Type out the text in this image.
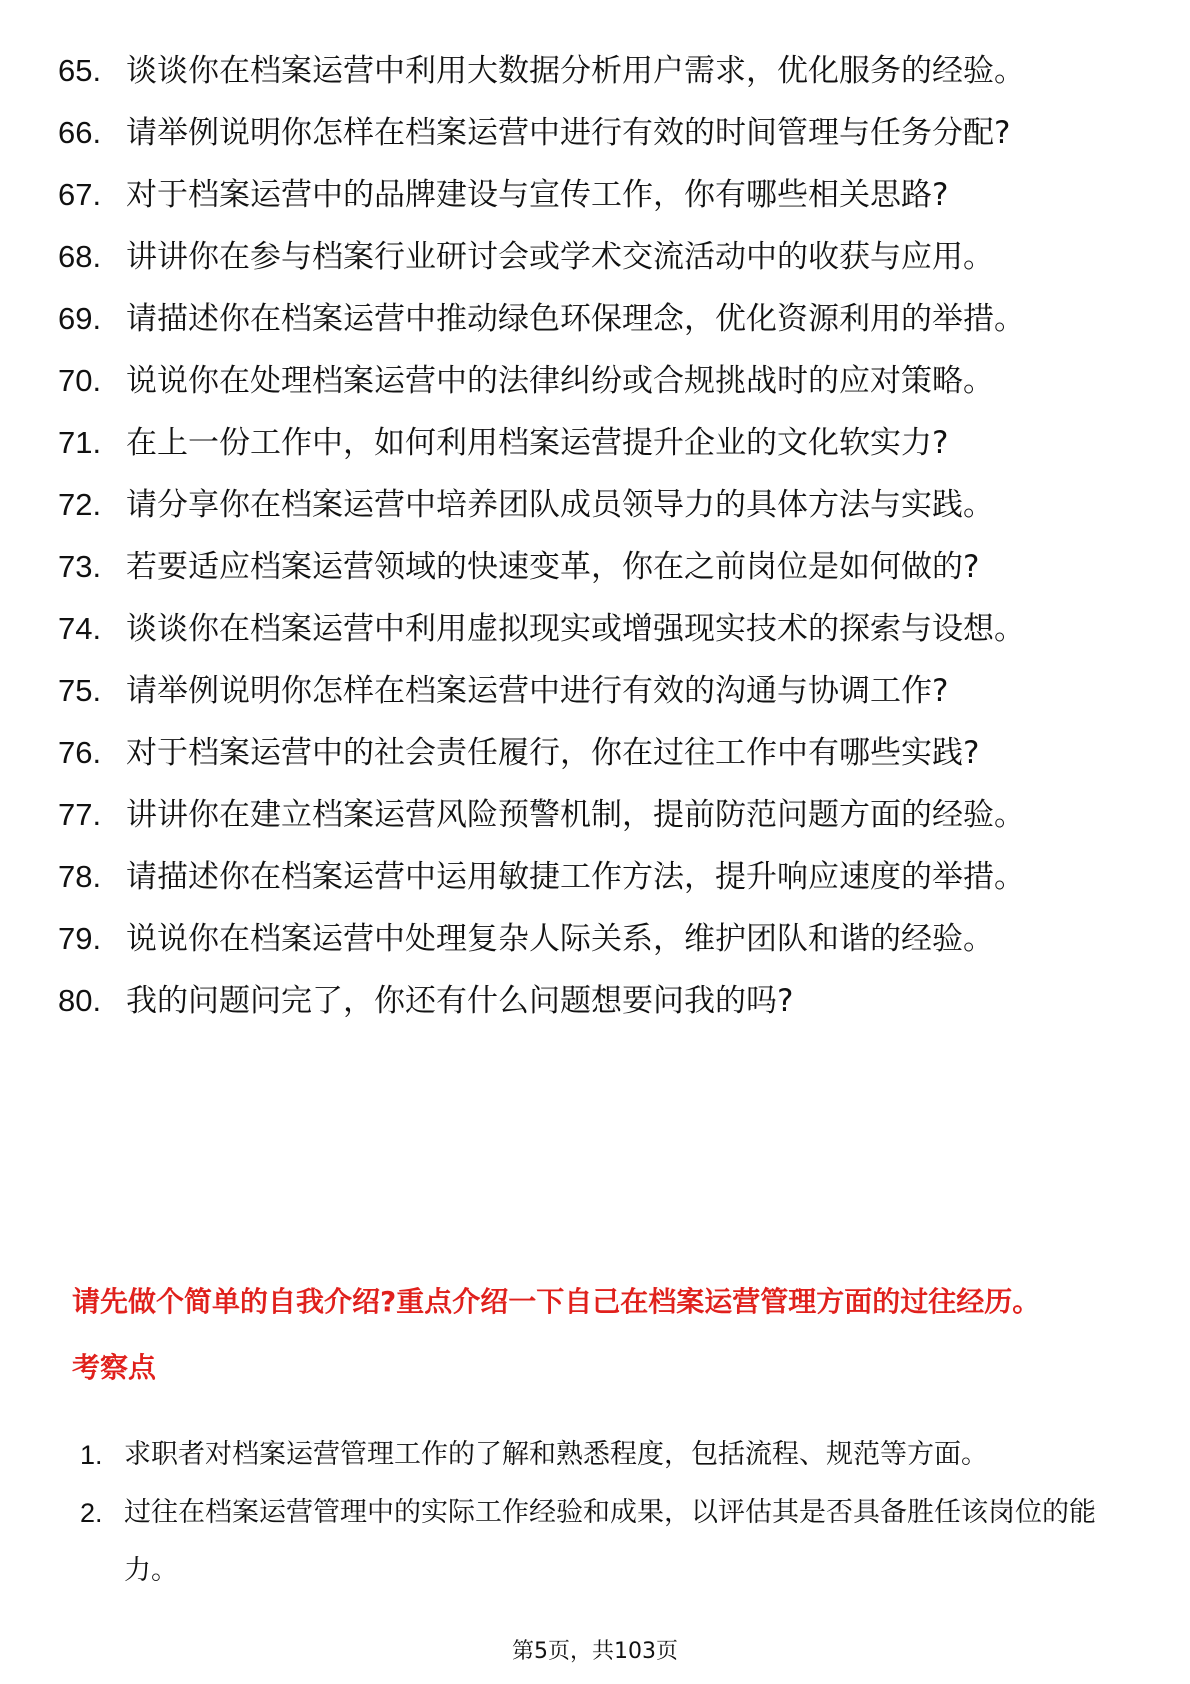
65. 谈谈你在档案运营中利用大数据分析用户需求，优化服务的经验。
66. 请举例说明你怎样在档案运营中进行有效的时间管理与任务分配?
67. 对于档案运营中的品牌建设与宣传工作，你有哪些相关思路?
68. 讲讲你在参与档案行业研讨会或学术交流活动中的收获与应用。
69. 请描述你在档案运营中推动绿色环保理念，优化资源利用的举措。
70. 说说你在处理档案运营中的法律纠纷或合规挑战时的应对策略。
71. 在上一份工作中，如何利用档案运营提升企业的文化软实力?
72. 请分享你在档案运营中培养团队成员领导力的具体方法与实践。
73. 若要适应档案运营领域的快速变革，你在之前岗位是如何做的?
74. 谈谈你在档案运营中利用虚拟现实或增强现实技术的探索与设想。
75. 请举例说明你怎样在档案运营中进行有效的沟通与协调工作?
76. 对于档案运营中的社会责任履行，你在过往工作中有哪些实践?
77. 讲讲你在建立档案运营风险预警机制，提前防范问题方面的经验。
78. 请描述你在档案运营中运用敏捷工作方法，提升响应速度的举措。
79. 说说你在档案运营中处理复杂人际关系，维护团队和谐的经验。
80. 我的问题问完了，你还有什么问题想要问我的吗?
请先做个简单的自我介绍?重点介绍一下自己在档案运营管理方面的过往经历。
考察点
1. 求职者对档案运营管理工作的了解和熟悉程度，包括流程、规范等方面。
2. 过往在档案运营管理中的实际工作经验和成果，以评估其是否具备胜任该岗位的能力。
第5页，共103页
